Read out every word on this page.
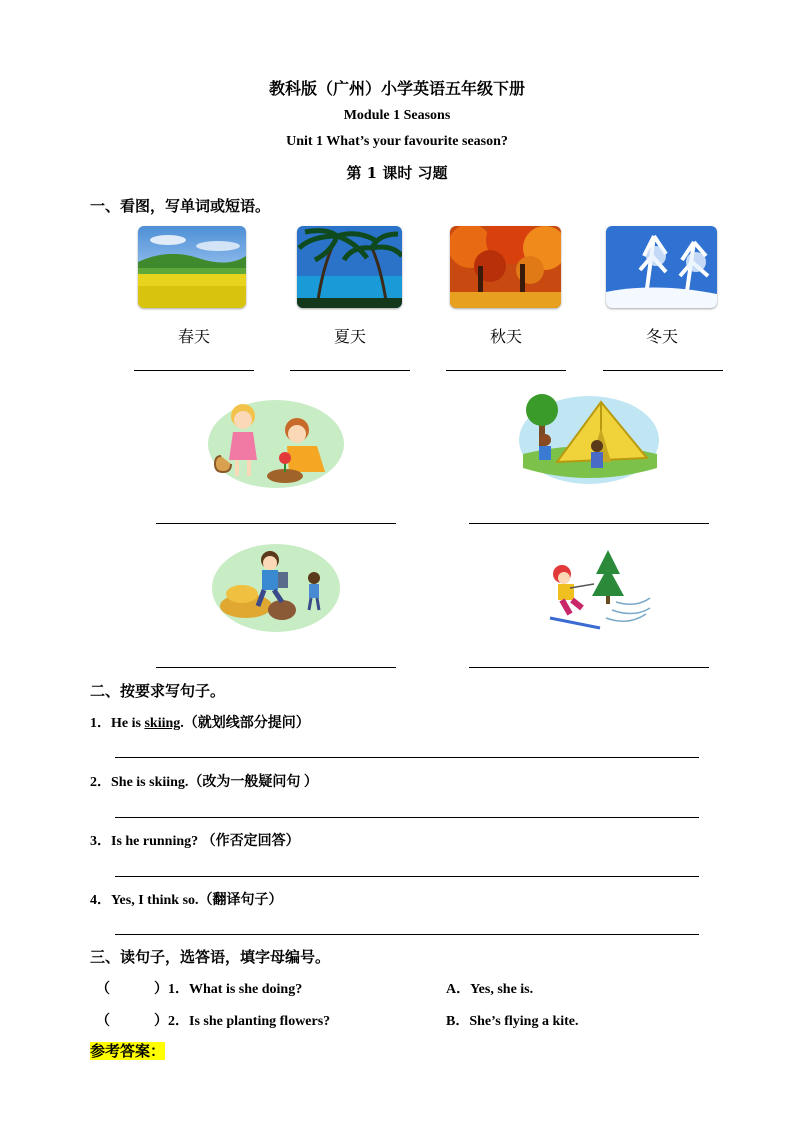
教科版（广州）小学英语五年级下册
Module 1 Seasons
Unit 1 What’s your favourite season?
第 1 课时 习题
一、看图，写单词或短语。
春天	夏天	秋天	冬天
二、按要求写句子。
1．He is skiing.（就划线部分提问）
2．She is skiing.（改为一般疑问句 ）
3．Is he running? （作否定回答）
4．Yes, I think so.（翻译句子）
三、读句子，选答语，填字母编号。
（	）1．What is she doing?	A．Yes, she is.
（	）2．Is she planting flowers?	B．She’s flying a kite.
参考答案：
